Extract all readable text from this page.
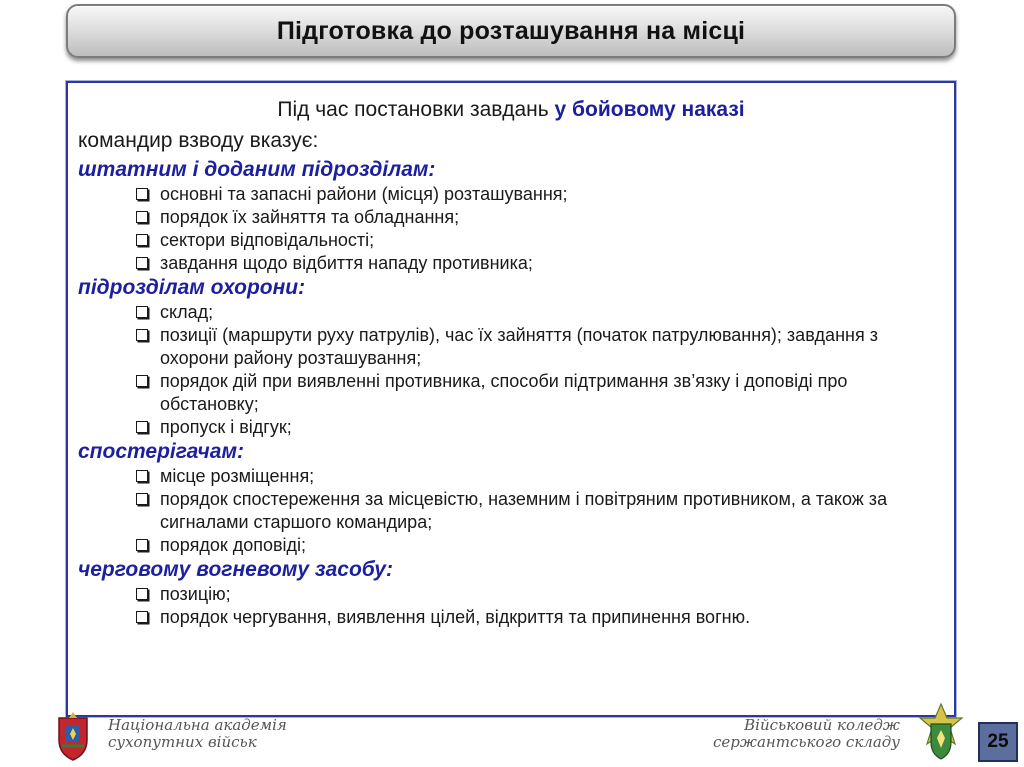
Підготовка до розташування на місці
Під час постановки завдань у бойовому наказі
командир взводу вказує:

штатним і доданим підрозділам:

основні та запасні райони (місця) розташування;
порядок їх зайняття та обладнання;
сектори відповідальності;
завдання щодо відбиття нападу противника;

підрозділам охорони:

склад;
позиції (маршрути руху патрулів), час їх зайняття (початок патрулювання); завдання з охорони району розташування;
порядок дій при виявленні противника, способи підтримання зв’язку і доповіді про обстановку;
пропуск і відгук;

спостерігачам:

місце розміщення;
порядок спостереження за місцевістю, наземним і повітряним противником, а також за сигналами старшого командира;
порядок доповіді;

черговому вогневому засобу:

позицію;
порядок чергування, виявлення цілей, відкриття та припинення вогню.
Національна академія
сухопутних військ
Військовий коледж
сержантського складу	25
